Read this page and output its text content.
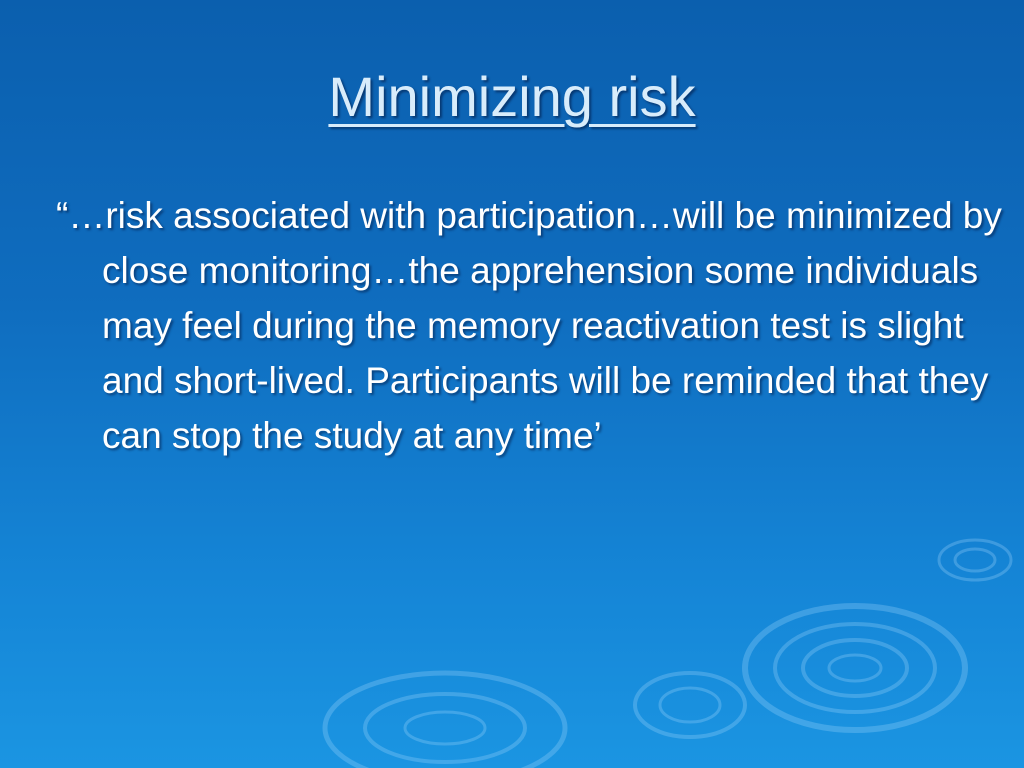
Minimizing risk

“…risk associated with participation…will be minimized by close monitoring…the apprehension some individuals may feel during the memory reactivation test is slight and short-lived. Participants will be reminded that they can stop the study at any time’
